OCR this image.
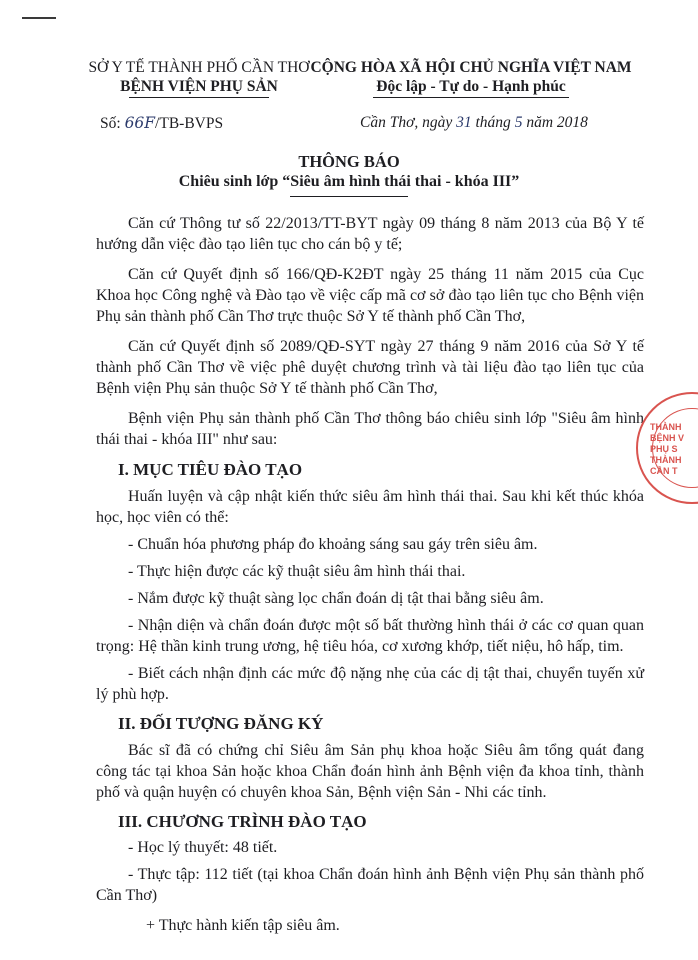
SỞ Y TẾ THÀNH PHỐ CẦN THƠ
BỆNH VIỆN PHỤ SẢN
CỘNG HÒA XÃ HỘI CHỦ NGHĨA VIỆT NAM
Độc lập - Tự do - Hạnh phúc
Số: 66F/TB-BVPS	Cần Thơ, ngày 31 tháng 5 năm 2018
THÔNG BÁO
Chiêu sinh lớp “Siêu âm hình thái thai - khóa III”

Căn cứ Thông tư số 22/2013/TT-BYT ngày 09 tháng 8 năm 2013 của Bộ Y tế hướng dẫn việc đào tạo liên tục cho cán bộ y tế;

Căn cứ Quyết định số 166/QĐ-K2ĐT ngày 25 tháng 11 năm 2015 của Cục Khoa học Công nghệ và Đào tạo về việc cấp mã cơ sở đào tạo liên tục cho Bệnh viện Phụ sản thành phố Cần Thơ trực thuộc Sở Y tế thành phố Cần Thơ,

Căn cứ Quyết định số 2089/QĐ-SYT ngày 27 tháng 9 năm 2016 của Sở Y tế thành phố Cần Thơ về việc phê duyệt chương trình và tài liệu đào tạo liên tục của Bệnh viện Phụ sản thuộc Sở Y tế thành phố Cần Thơ,

Bệnh viện Phụ sản thành phố Cần Thơ thông báo chiêu sinh lớp "Siêu âm hình thái thai - khóa III" như sau:

I. MỤC TIÊU ĐÀO TẠO

Huấn luyện và cập nhật kiến thức siêu âm hình thái thai. Sau khi kết thúc khóa học, học viên có thể:

- Chuẩn hóa phương pháp đo khoảng sáng sau gáy trên siêu âm.

- Thực hiện được các kỹ thuật siêu âm hình thái thai.

- Nắm được kỹ thuật sàng lọc chẩn đoán dị tật thai bằng siêu âm.

- Nhận diện và chẩn đoán được một số bất thường hình thái ở các cơ quan quan trọng: Hệ thần kinh trung ương, hệ tiêu hóa, cơ xương khớp, tiết niệu, hô hấp, tim.

- Biết cách nhận định các mức độ nặng nhẹ của các dị tật thai, chuyển tuyến xử lý phù hợp.

II. ĐỐI TƯỢNG ĐĂNG KÝ

Bác sĩ đã có chứng chỉ Siêu âm Sản phụ khoa hoặc Siêu âm tổng quát đang công tác tại khoa Sản hoặc khoa Chẩn đoán hình ảnh Bệnh viện đa khoa tỉnh, thành phố và quận huyện có chuyên khoa Sản, Bệnh viện Sản - Nhi các tỉnh.

III. CHƯƠNG TRÌNH ĐÀO TẠO

- Học lý thuyết: 48 tiết.

- Thực tập: 112 tiết (tại khoa Chẩn đoán hình ảnh Bệnh viện Phụ sản thành phố Cần Thơ)

+ Thực hành kiến tập siêu âm.

THÀNH
BỆNH V
PHỤ S
THÀNH
CẦN T
